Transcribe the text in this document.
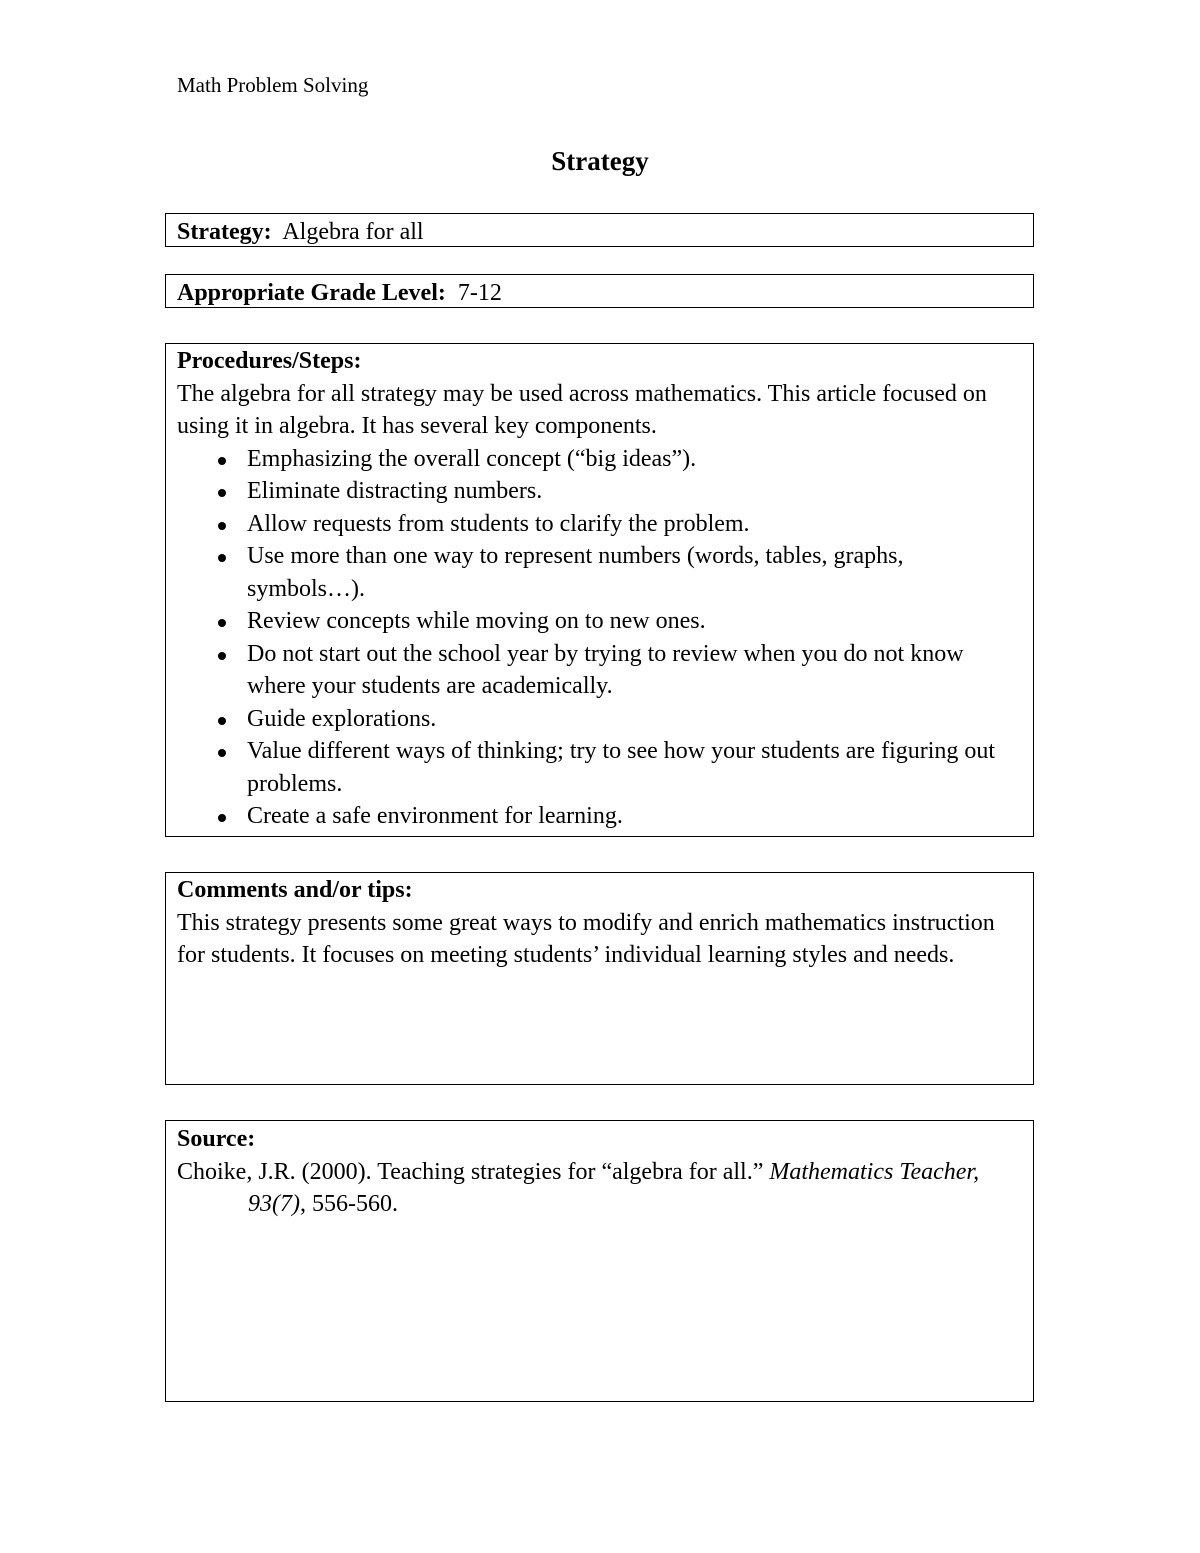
Math Problem Solving
Strategy
Strategy: Algebra for all
Appropriate Grade Level: 7-12
Procedures/Steps:
The algebra for all strategy may be used across mathematics. This article focused on using it in algebra. It has several key components.
Emphasizing the overall concept (“big ideas”).
Eliminate distracting numbers.
Allow requests from students to clarify the problem.
Use more than one way to represent numbers (words, tables, graphs, symbols…).
Review concepts while moving on to new ones.
Do not start out the school year by trying to review when you do not know where your students are academically.
Guide explorations.
Value different ways of thinking; try to see how your students are figuring out problems.
Create a safe environment for learning.
Comments and/or tips:
This strategy presents some great ways to modify and enrich mathematics instruction for students. It focuses on meeting students’ individual learning styles and needs.
Source:
Choike, J.R. (2000). Teaching strategies for “algebra for all.” Mathematics Teacher, 93(7), 556-560.
